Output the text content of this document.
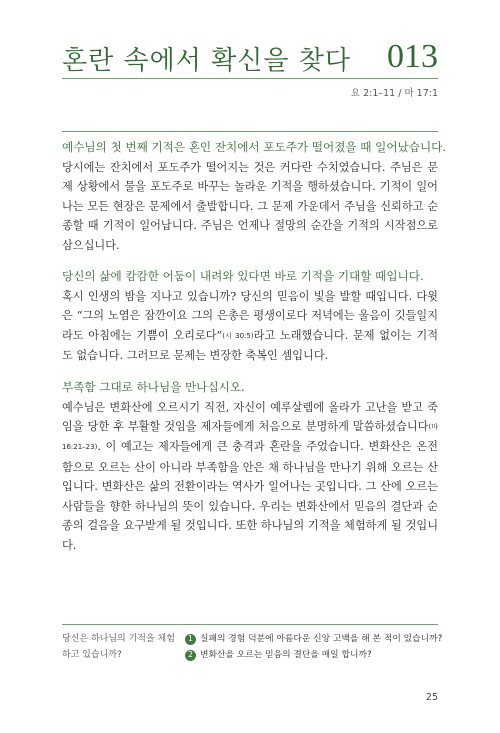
혼란 속에서 확신을 찾다 013
요 2:1–11 / 마 17:1

예수님의 첫 번째 기적은 혼인 잔치에서 포도주가 떨어졌을 때 일어났습니다.

당시에는 잔치에서 포도주가 떨어지는 것은 커다란 수치였습니다. 주님은 문제 상황에서 물을 포도주로 바꾸는 놀라운 기적을 행하셨습니다. 기적이 일어나는 모든 현장은 문제에서 출발합니다. 그 문제 가운데서 주님을 신뢰하고 순종할 때 기적이 일어납니다. 주님은 언제나 절망의 순간을 기적의 시작점으로 삼으십니다.

당신의 삶에 캄캄한 어둠이 내려와 있다면 바로 기적을 기대할 때입니다.

혹시 인생의 밤을 지나고 있습니까? 당신의 믿음이 빛을 발할 때입니다. 다윗은 “그의 노염은 잠깐이요 그의 은총은 평생이로다 저녁에는 울음이 깃들일지라도 아침에는 기쁨이 오리로다”(시 30:5)라고 노래했습니다. 문제 없이는 기적도 없습니다. 그러므로 문제는 변장한 축복인 셈입니다.

부족함 그대로 하나님을 만나십시오.

예수님은 변화산에 오르시기 직전, 자신이 예루살렘에 올라가 고난을 받고 죽임을 당한 후 부활할 것임을 제자들에게 처음으로 분명하게 말씀하셨습니다(마 16:21–23). 이 예고는 제자들에게 큰 충격과 혼란을 주었습니다. 변화산은 온전함으로 오르는 산이 아니라 부족함을 안은 채 하나님을 만나기 위해 오르는 산입니다. 변화산은 삶의 전환이라는 역사가 일어나는 곳입니다. 그 산에 오르는 사람들을 향한 하나님의 뜻이 있습니다. 우리는 변화산에서 믿음의 결단과 순종의 걸음을 요구받게 될 것입니다. 또한 하나님의 기적을 체험하게 될 것입니다.

당신은 하나님의 기적을 체험하고 있습니까?
1 실패의 경험 덕분에 아름다운 신앙 고백을 해 본 적이 있습니까?
2 변화산을 오르는 믿음의 결단을 매일 합니까?
25
